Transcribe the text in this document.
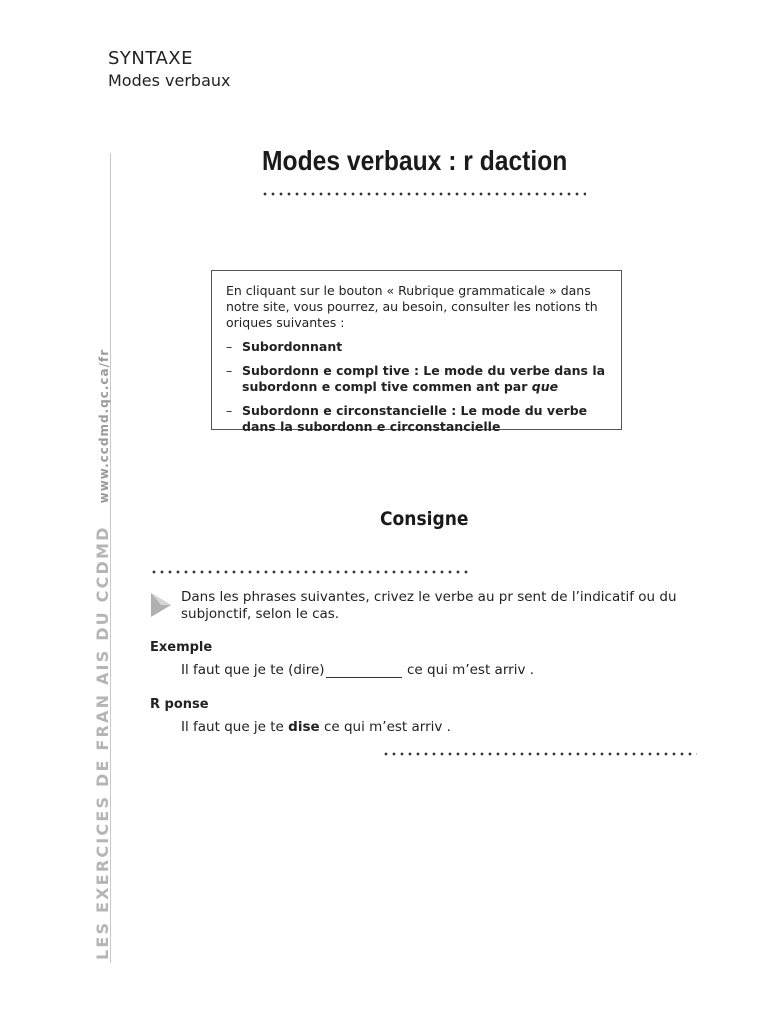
SYNTAXE
Modes verbaux
LES EXERCICES DE FRAN AIS DU CCDMDwww.ccdmd.qc.ca/fr
Modes verbaux : r daction

En cliquant sur le bouton « Rubrique grammaticale » dans notre site, vous pourrez, au besoin, consulter les notions th oriques suivantes :

– Subordonnant
– Subordonn e compl tive : Le mode du verbe dans la subordonn e compl tive commen ant par que
– Subordonn e circonstancielle : Le mode du verbe dans la subordonn e circonstancielle
Consigne
Dans les phrases suivantes, crivez le verbe au pr sent de l’indicatif ou du subjonctif, selon le cas.
Exemple
Il faut que je te (dire)	ce qui m’est arriv .
R ponse
Il faut que je te dise ce qui m’est arriv .
